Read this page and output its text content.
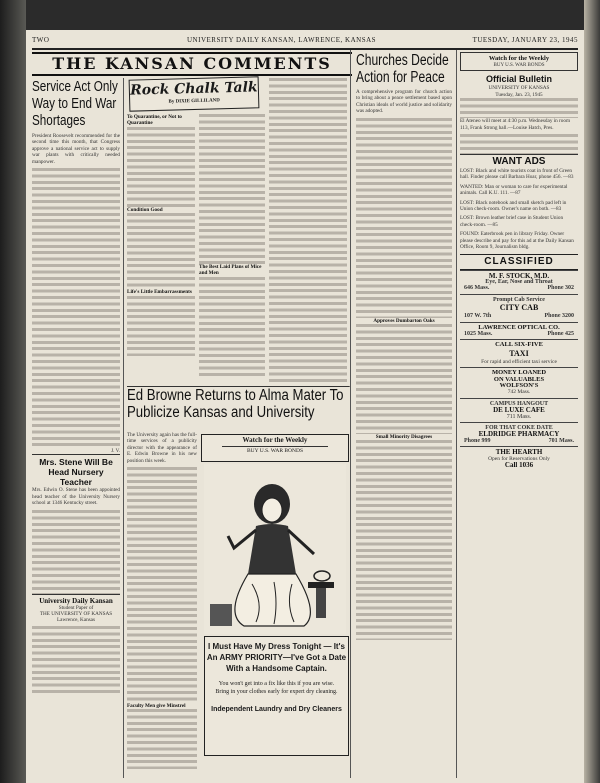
TWO	UNIVERSITY DAILY KANSAN, LAWRENCE, KANSAS	TUESDAY, JANUARY 23, 1945
THE KANSAN COMMENTS
Service Act Only Way to End War Shortages
President Roosevelt recommended for the second time this month, that Congress approve a national service act to supply war plants with critically needed manpower.
J. V.
Mrs. Stene Will Be Head Nursery Teacher
Mrs. Edwin O. Stene has been appointed head teacher of the University Nursery school at 1346 Kentucky street.
University Daily Kansan
Student Paper of
THE UNIVERSITY OF KANSAS
Lawrence, Kansas
Rock Chalk Talk
By DIXIE GILLILAND
To Quarantine, or Not to Quarantine
Condition Good
Life's Little Embarrassments
The Best Laid Plans of Mice and Men
Ed Browne Returns to Alma Mater To Publicize Kansas and University
The University again has the full-time services of a publicity director with the appearance of E. Edwin Browne in his new position this week.
Faculty Men give Minstrel
Watch for the Weekly
BUY U.S. WAR BONDS
I Must Have My Dress Tonight — It's
An ARMY PRIORITY—I've Got a Date
With a Handsome Captain.
You won't get into a fix like this if you are wise. Bring in your clothes early for expert dry cleaning.
Independent Laundry and Dry Cleaners
Churches Decide Action for Peace
A comprehensive program for church action to bring about a peace settlement based upon Christian ideals of world justice and solidarity was adopted.
Approves Dumbarton Oaks
Small Minority Disagrees
Watch for the Weekly
BUY U.S. WAR BONDS
Official Bulletin
UNIVERSITY OF KANSAS
Tuesday, Jan. 23, 1945
El Ateneo will meet at 4:30 p.m. Wednesday in room 113, Frank Strong hall.—Louise Hatch, Pres.
WANT ADS
LOST: Black and white tourists coat in front of Green hall. Finder please call Barbara Hoar, phone 456. —83
WANTED: Man or woman to care for experimental animals. Call K.U. 111. —87
LOST: Black notebook and small sketch pad left in Union check-room. Owner's name on both. —83
LOST: Brown leather brief case in Student Union check-room. —85
FOUND: Eaterbrook pen in library Friday. Owner please describe and pay for this ad at the Daily Kansan Office, Room 9, Journalism bldg.
CLASSIFIED
M. F. STOCK, M.D.
Eye, Ear, Nose and Throat
646 Mass.	Phone 302
Prompt Cab Service
CITY CAB
107 W. 7th	Phone 3200
LAWRENCE OPTICAL CO.
1025 Mass.	Phone 425
CALL SIX-FIVE
TAXI
For rapid and efficient taxi service
MONEY LOANED
ON VALUABLES
WOLFSON'S
742 Mass.
CAMPUS HANGOUT
DE LUXE CAFE
711 Mass.
FOR THAT COKE DATE
ELDRIDGE PHARMACY
Phone 999	701 Mass.
THE HEARTH
Open for Reservations Only
Call 1036
